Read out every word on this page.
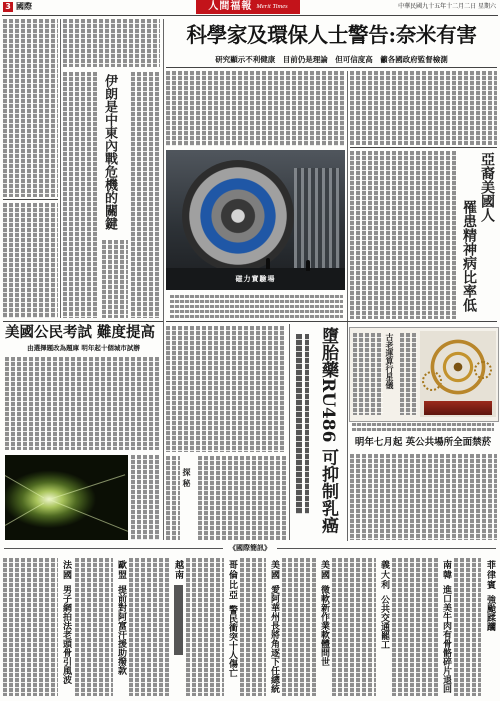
3 國際	人間福報 Merit Times	中華民國九十五年十二月二日 星期六
伊朗是中東內戰危機的關鍵
科學家及環保人士警告:奈米有害
研究顯示不利健康　目前仍是理論　但可信度高　籲各國政府監督檢測
磁力實驗場
亞裔美國人
罹患精神病比率低
美國公民考試 難度提高
由選擇題改為題庫 明年起十個城市試辦
探秘	墮胎藥RU486 可抑制乳癌	古老運算行星儀
明年七月起 英公共場所全面禁菸
《國際簡訊》
法國男子網拍法老頭骨引風波
歐盟提前對阿富汗援助撥款
越南	哥倫比亞警民衝突十人傷亡
美國愛阿華州長將角逐下任總統
美國微軟新作業軟體問世
義大利公共交通罷工
南韓進口美牛肉有骨骼碎片退回
菲律賓強颱蹂躪
